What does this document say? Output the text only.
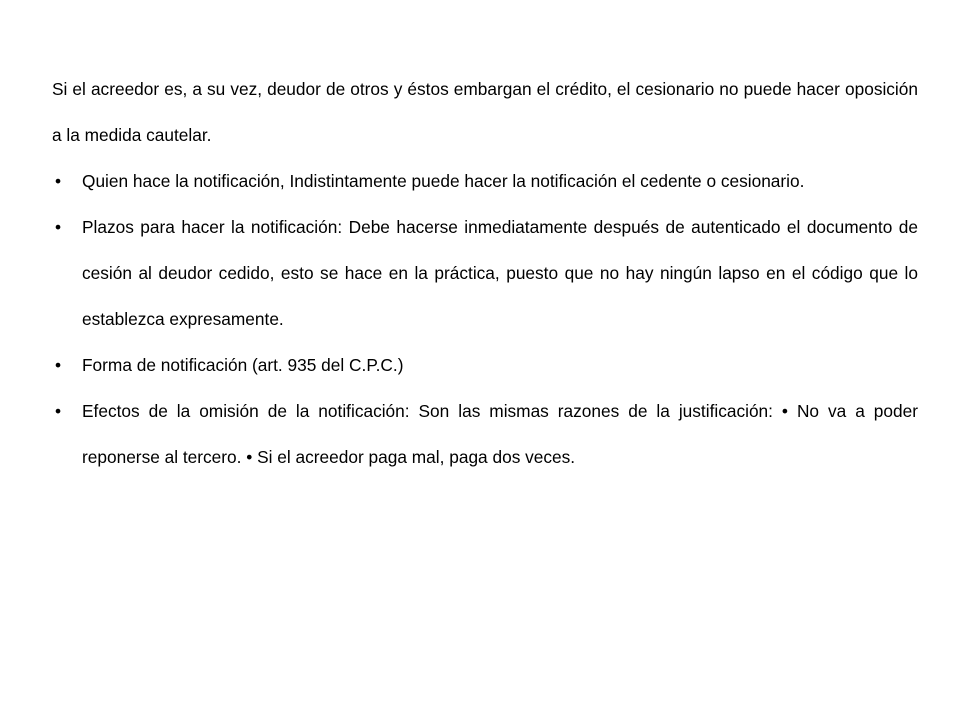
Si el acreedor es, a su vez, deudor de otros y éstos embargan el crédito, el cesionario no puede hacer oposición a la medida cautelar.

• Quien hace la notificación, Indistintamente puede hacer la notificación el cedente o cesionario.
• Plazos para hacer la notificación: Debe hacerse inmediatamente después de autenticado el documento de cesión al deudor cedido, esto se hace en la práctica, puesto que no hay ningún lapso en el código que lo establezca expresamente.
• Forma de notificación (art. 935 del C.P.C.)
• Efectos de la omisión de la notificación: Son las mismas razones de la justificación: • No va a poder reponerse al tercero. • Si el acreedor paga mal, paga dos veces.
